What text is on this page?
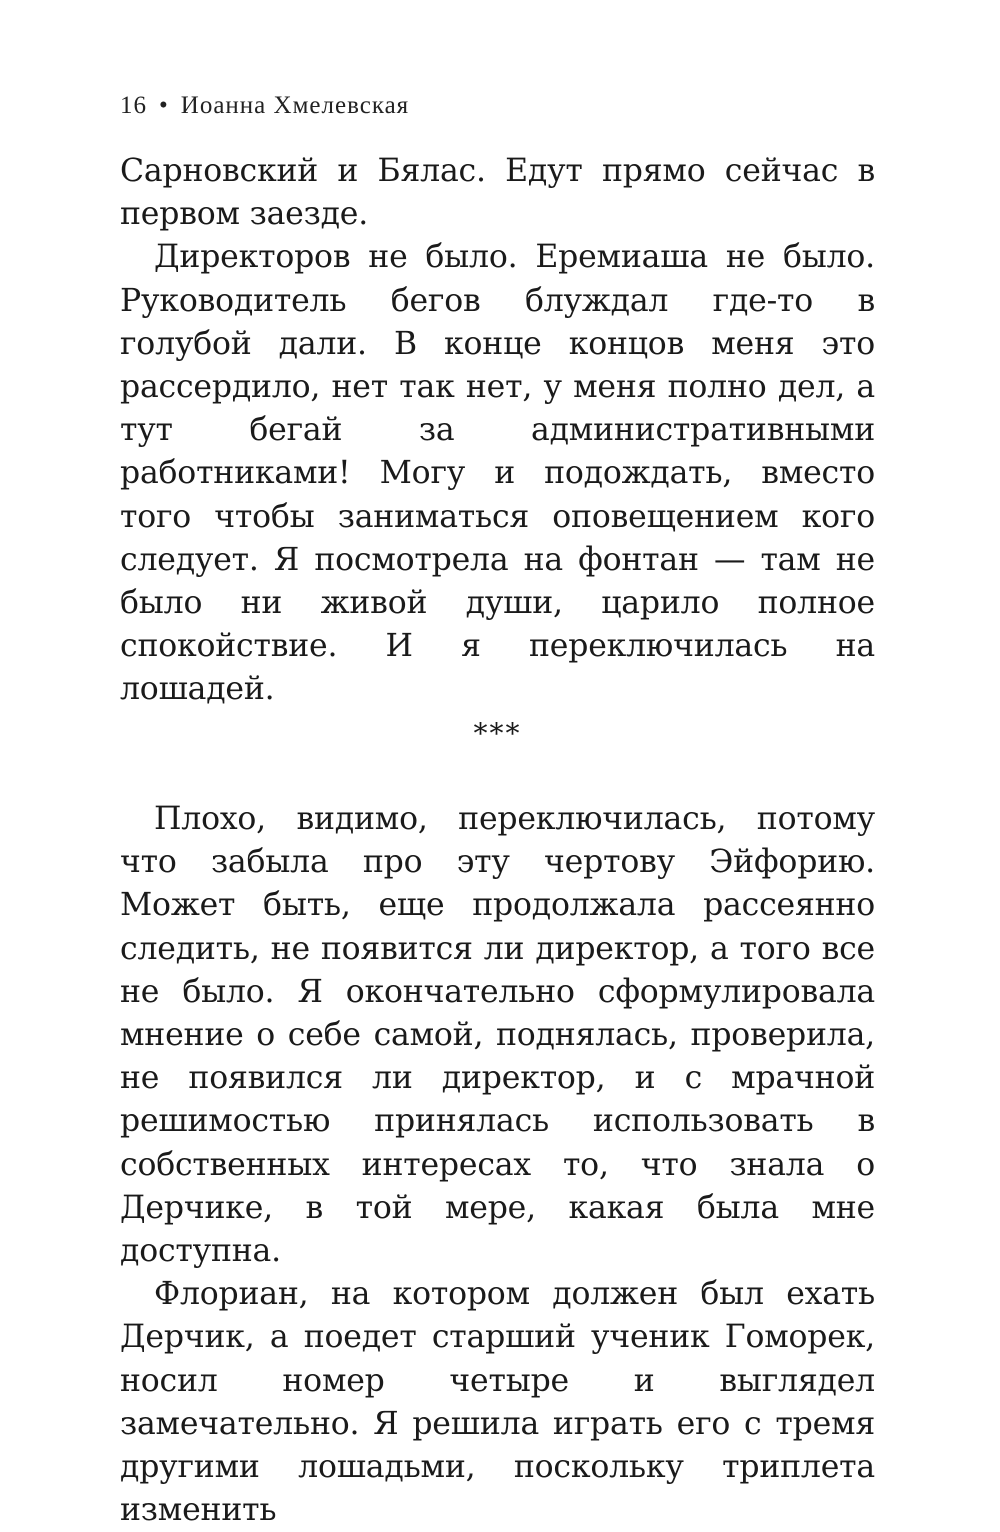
16 • Иоанна Хмелевская

Сарновский и Бялас. Едут прямо сейчас в первом заезде.

Директоров не было. Еремиаша не было. Руководитель бегов блуждал где-то в голубой дали. В конце концов меня это рассердило, нет так нет, у меня полно дел, а тут бегай за административными работниками! Могу и подождать, вместо того чтобы заниматься оповещением кого следует. Я посмотрела на фонтан — там не было ни живой души, царило полное спокойствие. И я переключилась на лошадей.

***

Плохо, видимо, переключилась, потому что забыла про эту чертову Эйфорию. Может быть, еще продолжала рассеянно следить, не появится ли директор, а того все не было. Я окончательно сформулировала мнение о себе самой, поднялась, проверила, не появился ли директор, и с мрачной решимостью принялась использовать в собственных интересах то, что знала о Дерчике, в той мере, какая была мне доступна.

Флориан, на котором должен был ехать Дерчик, а поедет старший ученик Гоморек, носил номер четыре и выглядел замечательно. Я решила играть его с тремя другими лошадьми, поскольку триплета изменить
